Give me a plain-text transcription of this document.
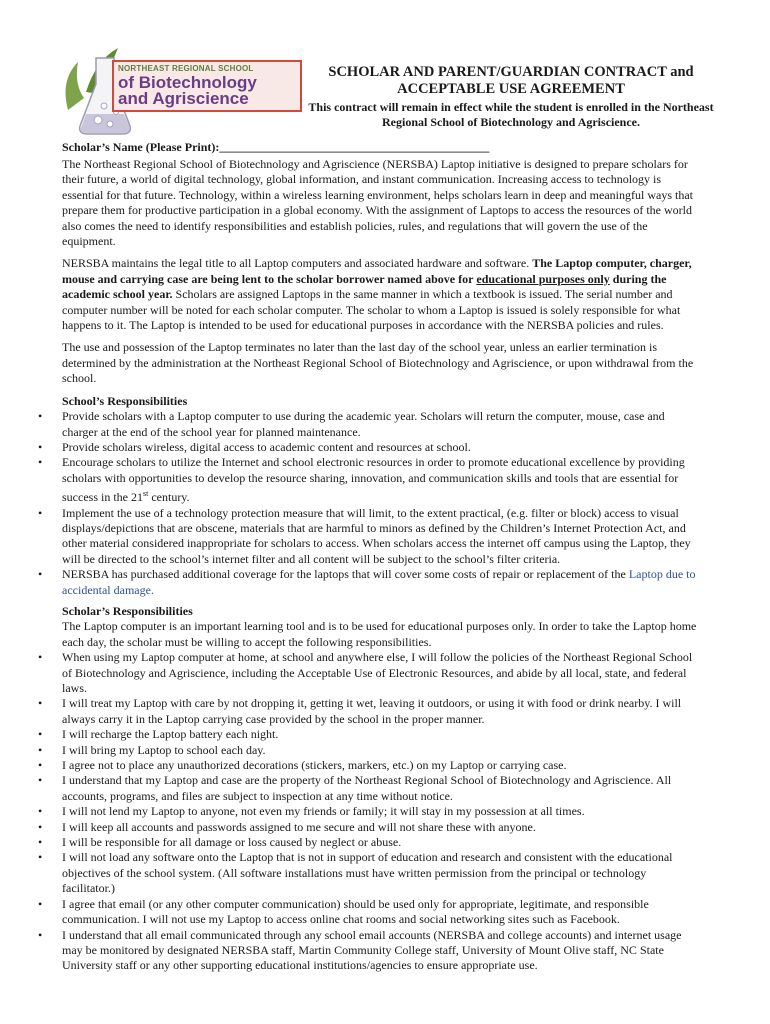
NORTHEAST REGIONAL SCHOOL
of Biotechnology
and Agriscience
SCHOLAR AND PARENT/GUARDIAN CONTRACT and ACCEPTABLE USE AGREEMENT
This contract will remain in effect while the student is enrolled in the Northeast Regional School of Biotechnology and Agriscience.
Scholar’s Name (Please Print):_____________________________________________

The Northeast Regional School of Biotechnology and Agriscience (NERSBA) Laptop initiative is designed to prepare scholars for their future, a world of digital technology, global information, and instant communication. Increasing access to technology is essential for that future. Technology, within a wireless learning environment, helps scholars learn in deep and meaningful ways that prepare them for productive participation in a global economy. With the assignment of Laptops to access the resources of the world also comes the need to identify responsibilities and establish policies, rules, and regulations that will govern the use of the equipment.

NERSBA maintains the legal title to all Laptop computers and associated hardware and software. The Laptop computer, charger, mouse and carrying case are being lent to the scholar borrower named above for educational purposes only during the academic school year. Scholars are assigned Laptops in the same manner in which a textbook is issued. The serial number and computer number will be noted for each scholar computer. The scholar to whom a Laptop is issued is solely responsible for what happens to it. The Laptop is intended to be used for educational purposes in accordance with the NERSBA policies and rules.

The use and possession of the Laptop terminates no later than the last day of the school year, unless an earlier termination is determined by the administration at the Northeast Regional School of Biotechnology and Agriscience, or upon withdrawal from the school.

School’s Responsibilities
• Provide scholars with a Laptop computer to use during the academic year. Scholars will return the computer, mouse, case and charger at the end of the school year for planned maintenance.
• Provide scholars wireless, digital access to academic content and resources at school.
• Encourage scholars to utilize the Internet and school electronic resources in order to promote educational excellence by providing scholars with opportunities to develop the resource sharing, innovation, and communication skills and tools that are essential for success in the 21st century.
• Implement the use of a technology protection measure that will limit, to the extent practical, (e.g. filter or block) access to visual displays/depictions that are obscene, materials that are harmful to minors as defined by the Children’s Internet Protection Act, and other material considered inappropriate for scholars to access. When scholars access the internet off campus using the Laptop, they will be directed to the school’s internet filter and all content will be subject to the school’s filter criteria.
• NERSBA has purchased additional coverage for the laptops that will cover some costs of repair or replacement of the Laptop due to accidental damage.
Scholar’s Responsibilities

The Laptop computer is an important learning tool and is to be used for educational purposes only. In order to take the Laptop home each day, the scholar must be willing to accept the following responsibilities.

• When using my Laptop computer at home, at school and anywhere else, I will follow the policies of the Northeast Regional School of Biotechnology and Agriscience, including the Acceptable Use of Electronic Resources, and abide by all local, state, and federal laws.
• I will treat my Laptop with care by not dropping it, getting it wet, leaving it outdoors, or using it with food or drink nearby. I will always carry it in the Laptop carrying case provided by the school in the proper manner.
• I will recharge the Laptop battery each night.
• I will bring my Laptop to school each day.
• I agree not to place any unauthorized decorations (stickers, markers, etc.) on my Laptop or carrying case.
• I understand that my Laptop and case are the property of the Northeast Regional School of Biotechnology and Agriscience. All accounts, programs, and files are subject to inspection at any time without notice.
• I will not lend my Laptop to anyone, not even my friends or family; it will stay in my possession at all times.
• I will keep all accounts and passwords assigned to me secure and will not share these with anyone.
• I will be responsible for all damage or loss caused by neglect or abuse.
• I will not load any software onto the Laptop that is not in support of education and research and consistent with the educational objectives of the school system. (All software installations must have written permission from the principal or technology facilitator.)
• I agree that email (or any other computer communication) should be used only for appropriate, legitimate, and responsible communication. I will not use my Laptop to access online chat rooms and social networking sites such as Facebook.
• I understand that all email communicated through any school email accounts (NERSBA and college accounts) and internet usage may be monitored by designated NERSBA staff, Martin Community College staff, University of Mount Olive staff, NC State University staff or any other supporting educational institutions/agencies to ensure appropriate use.
